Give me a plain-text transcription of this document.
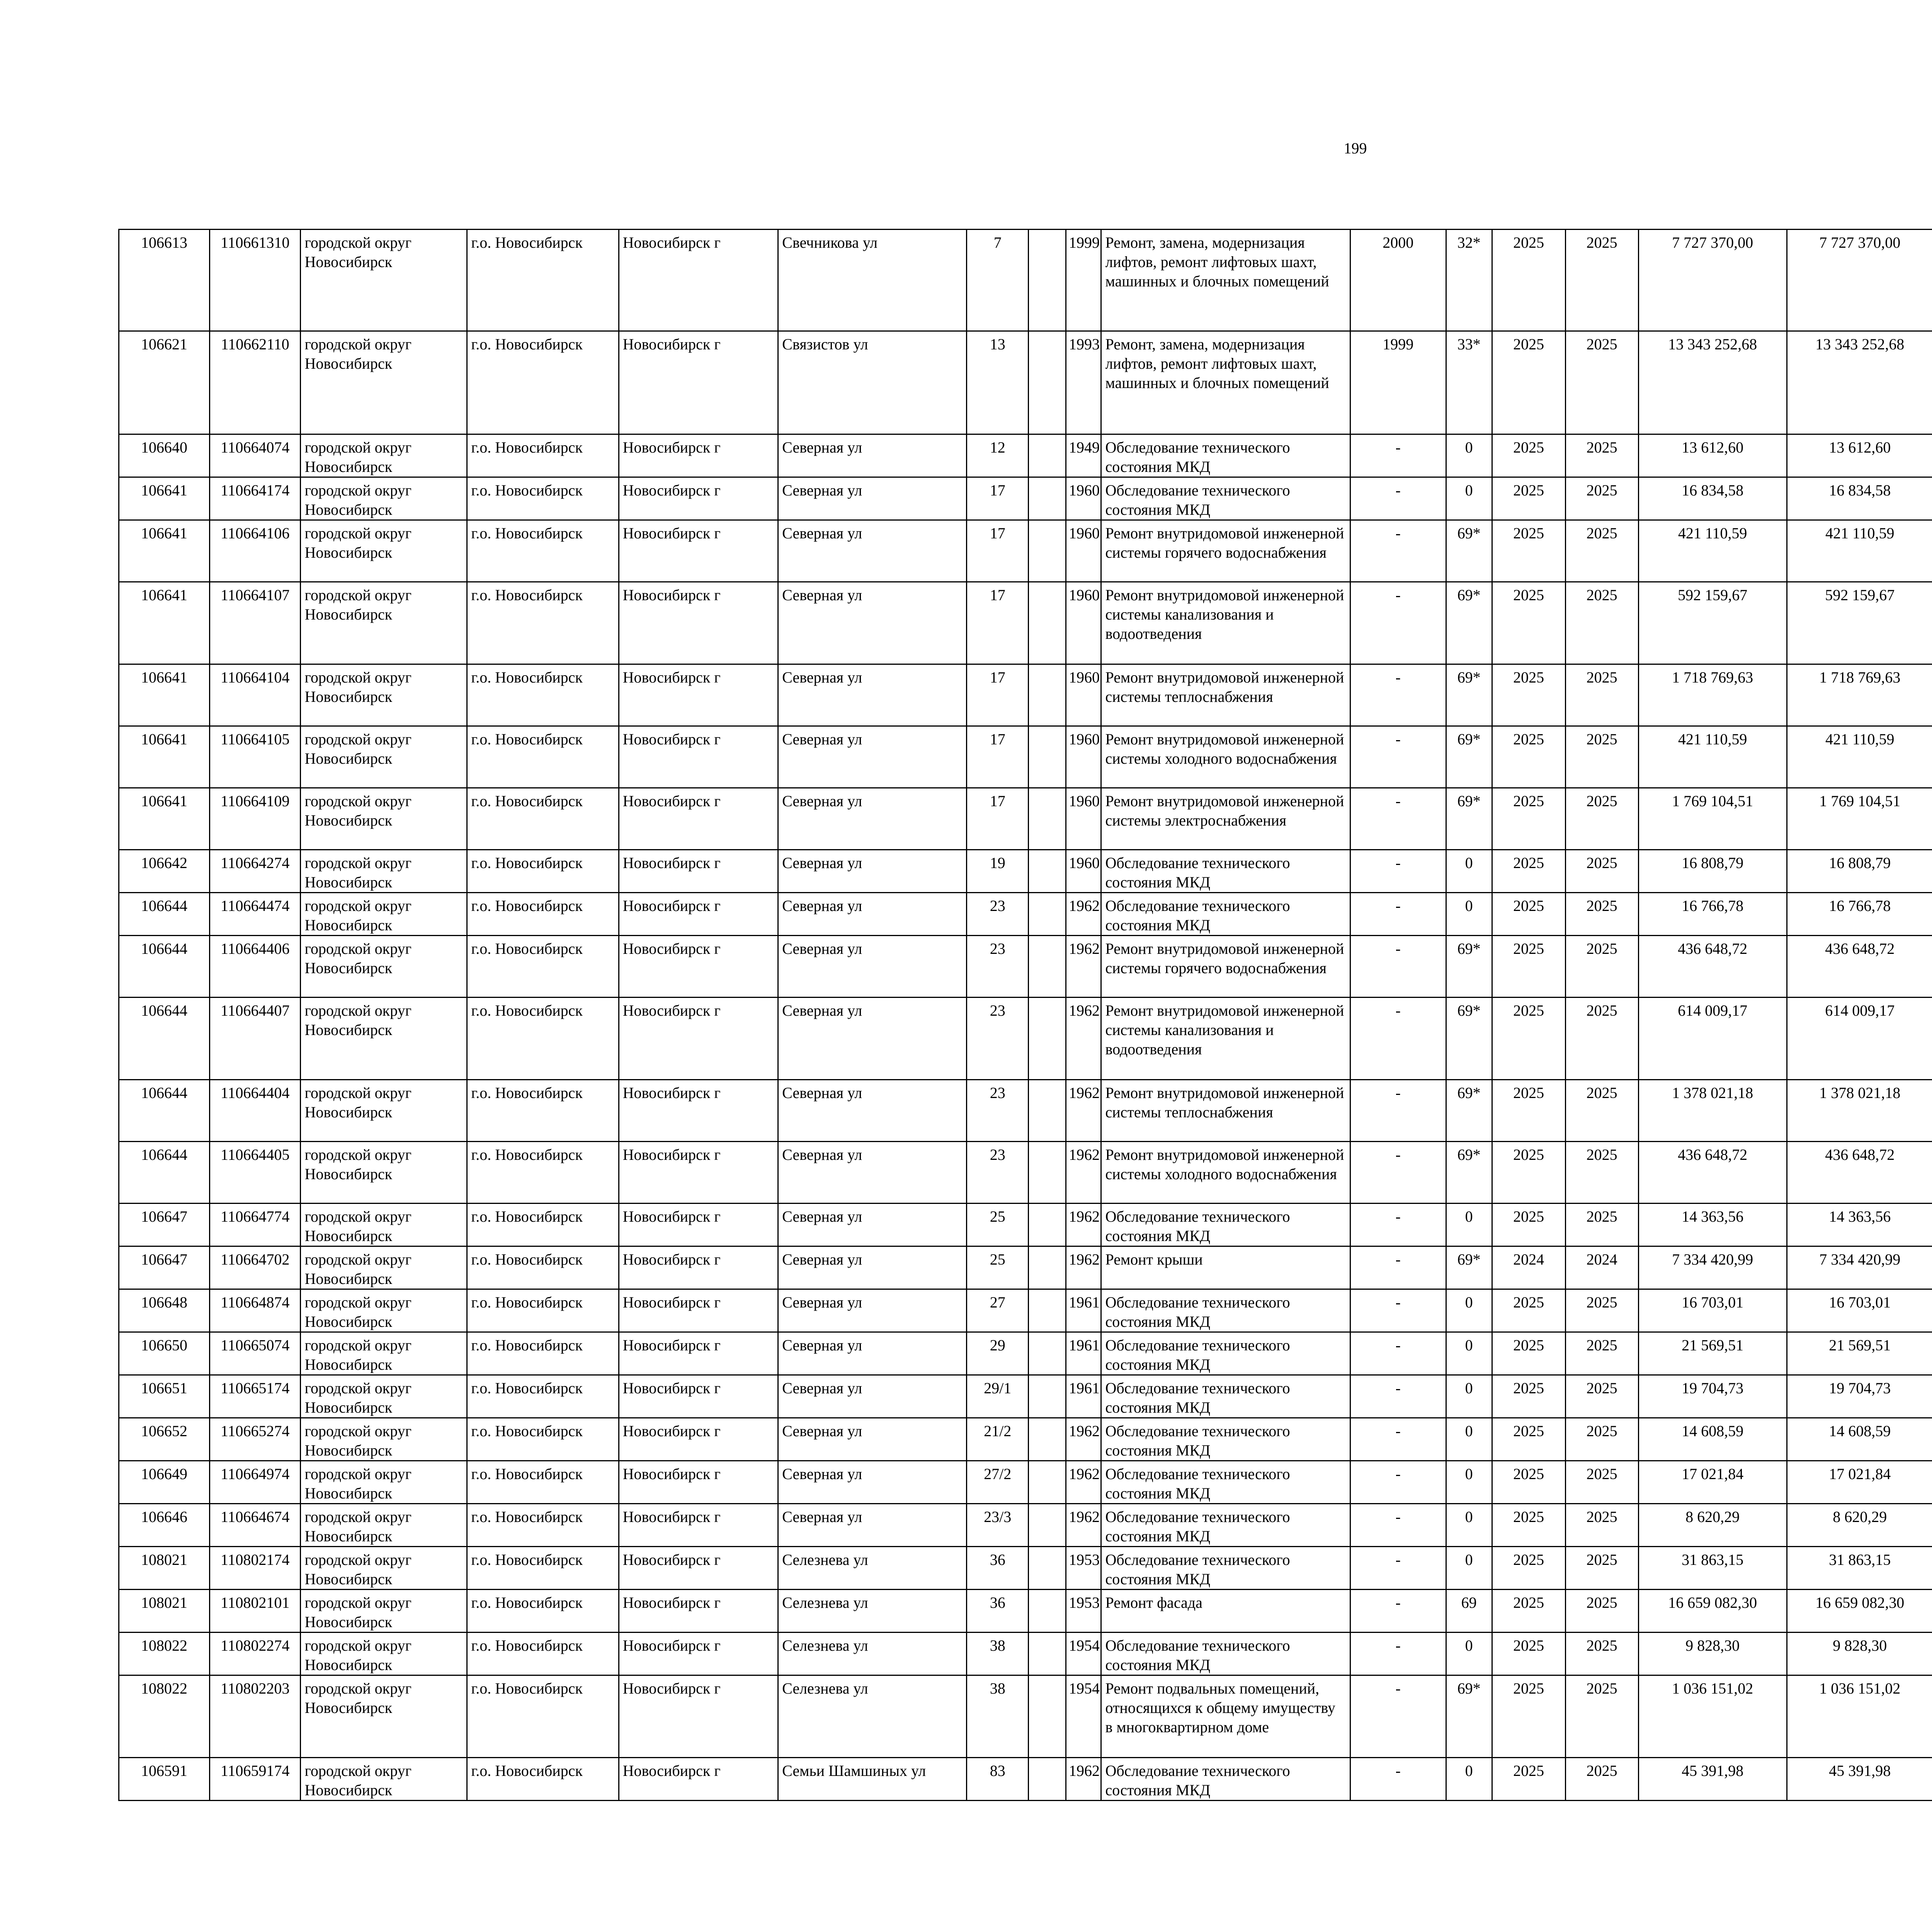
199
106613	110661310	городской округ Новосибирск	г.о. Новосибирск	Новосибирск г	Свечникова ул	7		1999	Ремонт, замена, модернизация лифтов, ремонт лифтовых шахт, машинных и блочных помещений	2000	32*	2025	2025	7 727 370,00	7 727 370,00						
106621	110662110	городской округ Новосибирск	г.о. Новосибирск	Новосибирск г	Связистов ул	13		1993	Ремонт, замена, модернизация лифтов, ремонт лифтовых шахт, машинных и блочных помещений	1999	33*	2025	2025	13 343 252,68	13 343 252,68						
106640	110664074	городской округ Новосибирск	г.о. Новосибирск	Новосибирск г	Северная ул	12		1949	Обследование технического состояния МКД	-	0	2025	2025	13 612,60	13 612,60						
106641	110664174	городской округ Новосибирск	г.о. Новосибирск	Новосибирск г	Северная ул	17		1960	Обследование технического состояния МКД	-	0	2025	2025	16 834,58	16 834,58						
106641	110664106	городской округ Новосибирск	г.о. Новосибирск	Новосибирск г	Северная ул	17		1960	Ремонт внутридомовой инженерной системы горячего водоснабжения	-	69*	2025	2025	421 110,59	421 110,59						
106641	110664107	городской округ Новосибирск	г.о. Новосибирск	Новосибирск г	Северная ул	17		1960	Ремонт внутридомовой инженерной системы канализования и водоотведения	-	69*	2025	2025	592 159,67	592 159,67						
106641	110664104	городской округ Новосибирск	г.о. Новосибирск	Новосибирск г	Северная ул	17		1960	Ремонт внутридомовой инженерной системы теплоснабжения	-	69*	2025	2025	1 718 769,63	1 718 769,63						
106641	110664105	городской округ Новосибирск	г.о. Новосибирск	Новосибирск г	Северная ул	17		1960	Ремонт внутридомовой инженерной системы холодного водоснабжения	-	69*	2025	2025	421 110,59	421 110,59						
106641	110664109	городской округ Новосибирск	г.о. Новосибирск	Новосибирск г	Северная ул	17		1960	Ремонт внутридомовой инженерной системы электроснабжения	-	69*	2025	2025	1 769 104,51	1 769 104,51						
106642	110664274	городской округ Новосибирск	г.о. Новосибирск	Новосибирск г	Северная ул	19		1960	Обследование технического состояния МКД	-	0	2025	2025	16 808,79	16 808,79						
106644	110664474	городской округ Новосибирск	г.о. Новосибирск	Новосибирск г	Северная ул	23		1962	Обследование технического состояния МКД	-	0	2025	2025	16 766,78	16 766,78						
106644	110664406	городской округ Новосибирск	г.о. Новосибирск	Новосибирск г	Северная ул	23		1962	Ремонт внутридомовой инженерной системы горячего водоснабжения	-	69*	2025	2025	436 648,72	436 648,72						
106644	110664407	городской округ Новосибирск	г.о. Новосибирск	Новосибирск г	Северная ул	23		1962	Ремонт внутридомовой инженерной системы канализования и водоотведения	-	69*	2025	2025	614 009,17	614 009,17						
106644	110664404	городской округ Новосибирск	г.о. Новосибирск	Новосибирск г	Северная ул	23		1962	Ремонт внутридомовой инженерной системы теплоснабжения	-	69*	2025	2025	1 378 021,18	1 378 021,18						
106644	110664405	городской округ Новосибирск	г.о. Новосибирск	Новосибирск г	Северная ул	23		1962	Ремонт внутридомовой инженерной системы холодного водоснабжения	-	69*	2025	2025	436 648,72	436 648,72						
106647	110664774	городской округ Новосибирск	г.о. Новосибирск	Новосибирск г	Северная ул	25		1962	Обследование технического состояния МКД	-	0	2025	2025	14 363,56	14 363,56						
106647	110664702	городской округ Новосибирск	г.о. Новосибирск	Новосибирск г	Северная ул	25		1962	Ремонт крыши	-	69*	2024	2024	7 334 420,99	7 334 420,99						
106648	110664874	городской округ Новосибирск	г.о. Новосибирск	Новосибирск г	Северная ул	27		1961	Обследование технического состояния МКД	-	0	2025	2025	16 703,01	16 703,01						
106650	110665074	городской округ Новосибирск	г.о. Новосибирск	Новосибирск г	Северная ул	29		1961	Обследование технического состояния МКД	-	0	2025	2025	21 569,51	21 569,51						
106651	110665174	городской округ Новосибирск	г.о. Новосибирск	Новосибирск г	Северная ул	29/1		1961	Обследование технического состояния МКД	-	0	2025	2025	19 704,73	19 704,73						
106652	110665274	городской округ Новосибирск	г.о. Новосибирск	Новосибирск г	Северная ул	21/2		1962	Обследование технического состояния МКД	-	0	2025	2025	14 608,59	14 608,59						
106649	110664974	городской округ Новосибирск	г.о. Новосибирск	Новосибирск г	Северная ул	27/2		1962	Обследование технического состояния МКД	-	0	2025	2025	17 021,84	17 021,84						
106646	110664674	городской округ Новосибирск	г.о. Новосибирск	Новосибирск г	Северная ул	23/3		1962	Обследование технического состояния МКД	-	0	2025	2025	8 620,29	8 620,29						
108021	110802174	городской округ Новосибирск	г.о. Новосибирск	Новосибирск г	Селезнева ул	36		1953	Обследование технического состояния МКД	-	0	2025	2025	31 863,15	31 863,15						
108021	110802101	городской округ Новосибирск	г.о. Новосибирск	Новосибирск г	Селезнева ул	36		1953	Ремонт фасада	-	69	2025	2025	16 659 082,30	16 659 082,30						
108022	110802274	городской округ Новосибирск	г.о. Новосибирск	Новосибирск г	Селезнева ул	38		1954	Обследование технического состояния МКД	-	0	2025	2025	9 828,30	9 828,30						
108022	110802203	городской округ Новосибирск	г.о. Новосибирск	Новосибирск г	Селезнева ул	38		1954	Ремонт подвальных помещений, относящихся к общему имуществу в многоквартирном доме	-	69*	2025	2025	1 036 151,02	1 036 151,02						
106591	110659174	городской округ Новосибирск	г.о. Новосибирск	Новосибирск г	Семьи Шамшиных ул	83		1962	Обследование технического состояния МКД	-	0	2025	2025	45 391,98	45 391,98						
